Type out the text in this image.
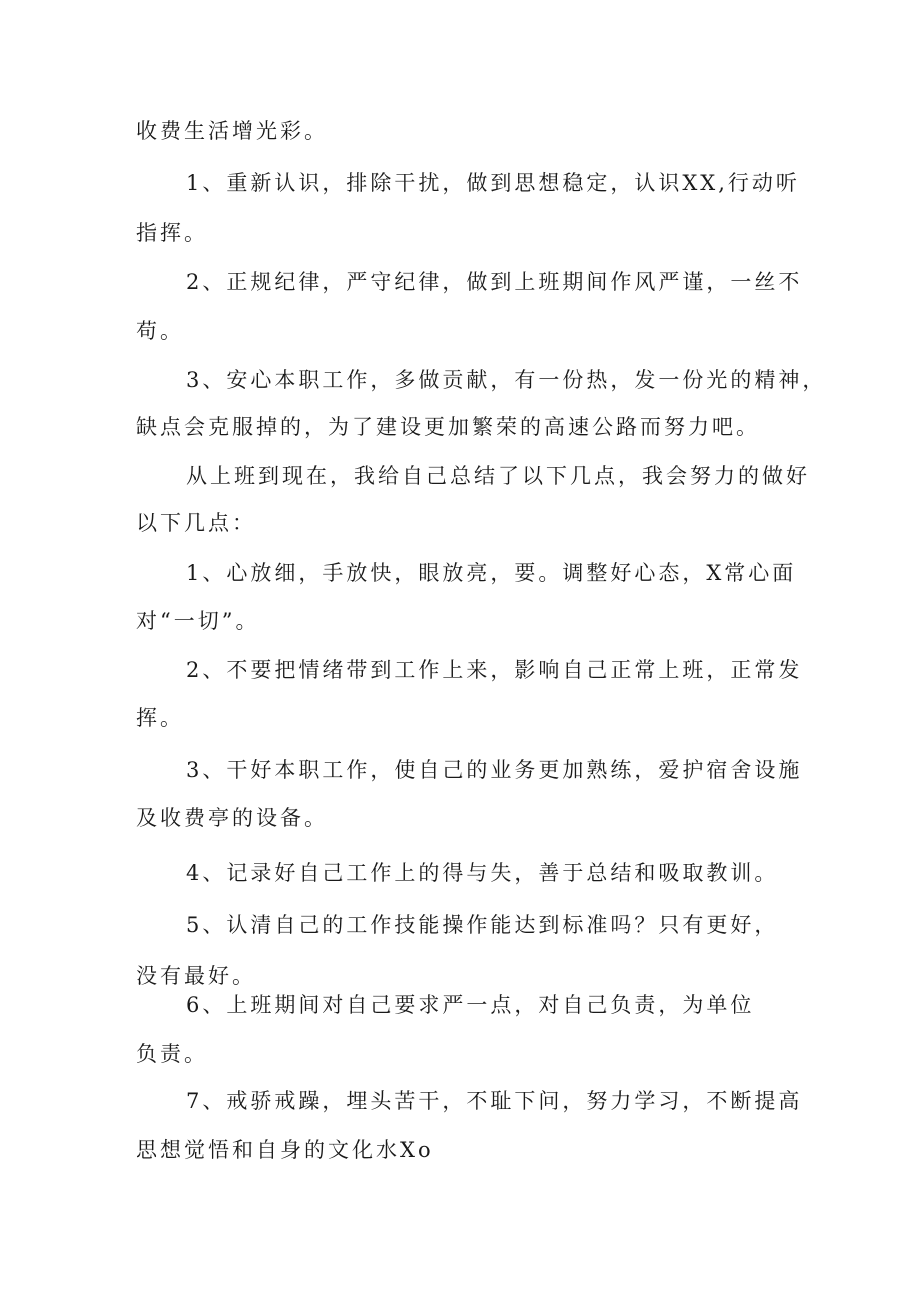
收费生活增光彩。
1、重新认识，排除干扰，做到思想稳定，认识XX,行动听
指挥。
2、正规纪律，严守纪律，做到上班期间作风严谨，一丝不
苟。
3、安心本职工作，多做贡献，有一份热，发一份光的精神，
缺点会克服掉的，为了建设更加繁荣的高速公路而努力吧。
从上班到现在，我给自己总结了以下几点，我会努力的做好
以下几点：
1、心放细，手放快，眼放亮，要。调整好心态，X常心面
对“一切”。
2、不要把情绪带到工作上来，影响自己正常上班，正常发
挥。
3、干好本职工作，使自己的业务更加熟练，爱护宿舍设施
及收费亭的设备。
4、记录好自己工作上的得与失，善于总结和吸取教训。
5、认清自己的工作技能操作能达到标准吗？只有更好，
没有最好。
6、上班期间对自己要求严一点，对自己负责，为单位
负责。
7、戒骄戒躁，埋头苦干，不耻下问，努力学习，不断提高
思想觉悟和自身的文化水Xo
